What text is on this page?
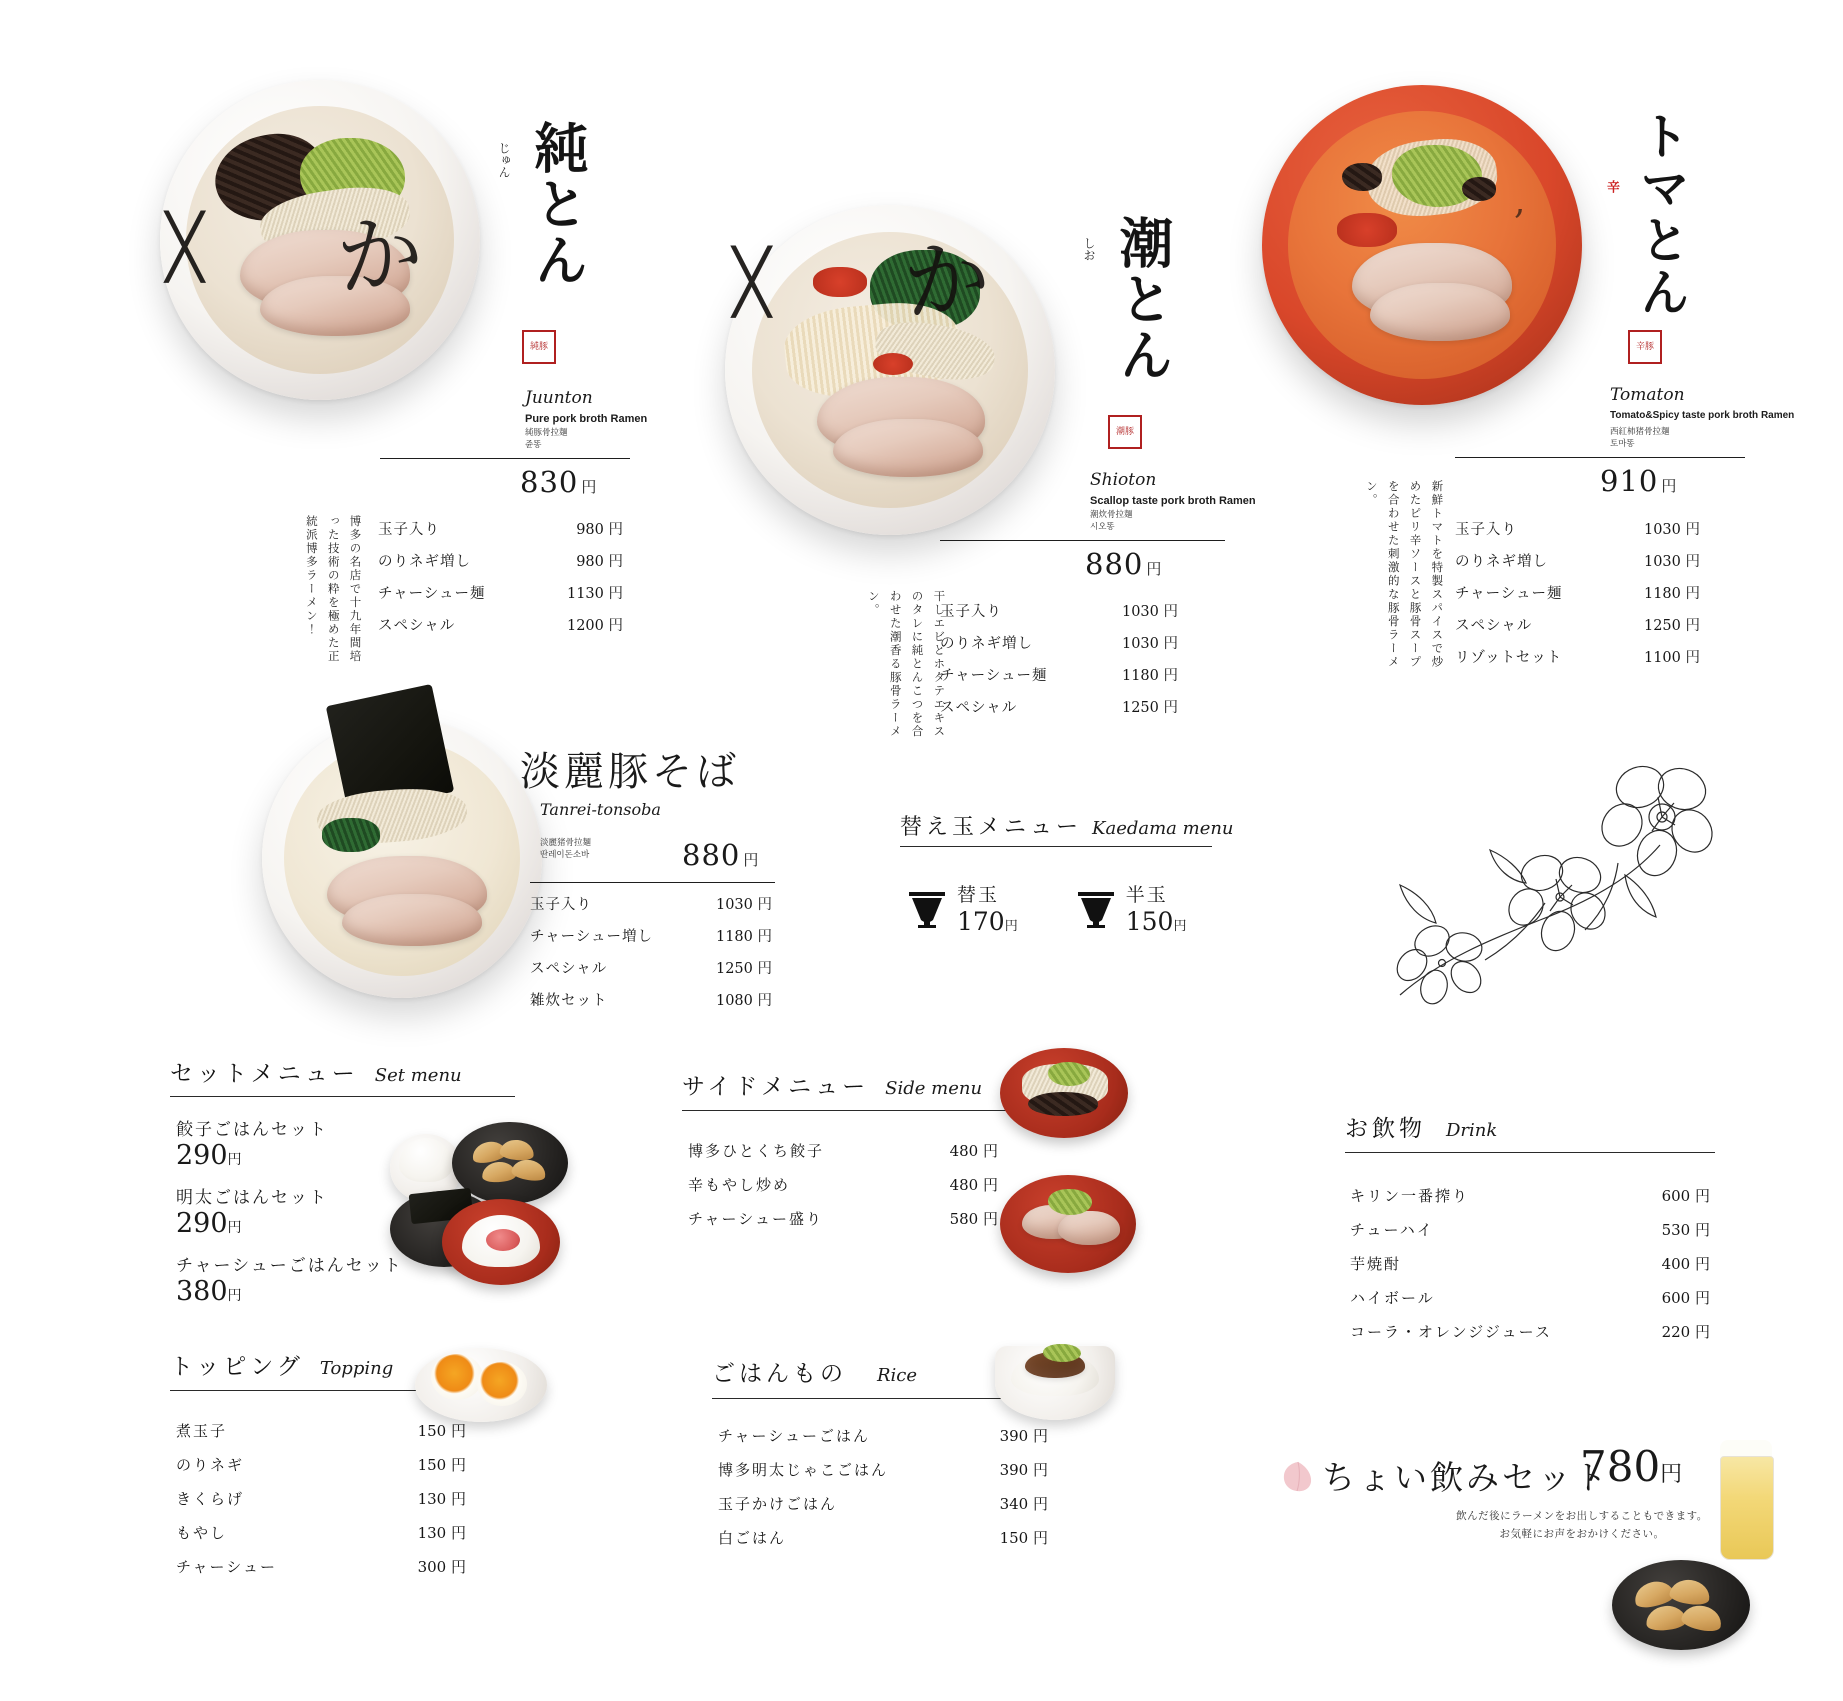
か
╳	純とん
じゅん
純豚
Juunton
Pure pork broth Ramen
純豚骨拉麺
쥰똥
830 円
玉子入り	980 円
のりネギ増し	980 円
チャーシュー麺	1130 円
スペシャル	1200 円
博多の名店で十九年間培った技術の粋を極めた正統派博多ラーメン！
か
╳	潮とん
しお
潮豚
Shioton
Scallop taste pork broth Ramen
潮炊骨拉麺
시오똥
880 円
玉子入り	1030 円
のりネギ増し	1030 円
チャーシュー麺	1180 円
スペシャル	1250 円
干しエビとホタテエキスのタレに純とんこつを合わせた潮香る豚骨ラーメン。
, トマとん
辛
辛豚
Tomaton
Tomato&Spicy taste pork broth Ramen
西紅柿猪骨拉麺
토마똥
910 円
玉子入り	1030 円
のりネギ増し	1030 円
チャーシュー麺	1180 円
スペシャル	1250 円
リゾットセット	1100 円
新鮮トマトを特製スパイスで炒めたピリ辛ソースと豚骨スープを合わせた刺激的な豚骨ラーメン。
淡麗豚そば
Tanrei-tonsoba
淡麗猪骨拉麺
딴레이돈소바	880 円
玉子入り	1030 円
チャーシュー増し	1180 円
スペシャル	1250 円
雑炊セット	1080 円
替え玉メニュー Kaedama menu
替玉
170円
半玉
150円
セットメニュー Set menu
餃子ごはんセット
290円
明太ごはんセット
290円
チャーシューごはんセット
380円
トッピング Topping
煮玉子	150 円
のりネギ	150 円
きくらげ	130 円
もやし	130 円
チャーシュー	300 円
サイドメニュー Side menu
博多ひとくち餃子	480 円
辛もやし炒め	480 円
チャーシュー盛り	580 円
ごはんもの Rice
チャーシューごはん	390 円
博多明太じゃこごはん	390 円
玉子かけごはん	340 円
白ごはん	150 円
お飲物 Drink
キリン一番搾り	600 円
チューハイ	530 円
芋焼酎	400 円
ハイボール	600 円
コーラ・オレンジジュース	220 円
ちょい飲みセット
780円
飲んだ後にラーメンをお出しすることもできます。
お気軽にお声をおかけください。
